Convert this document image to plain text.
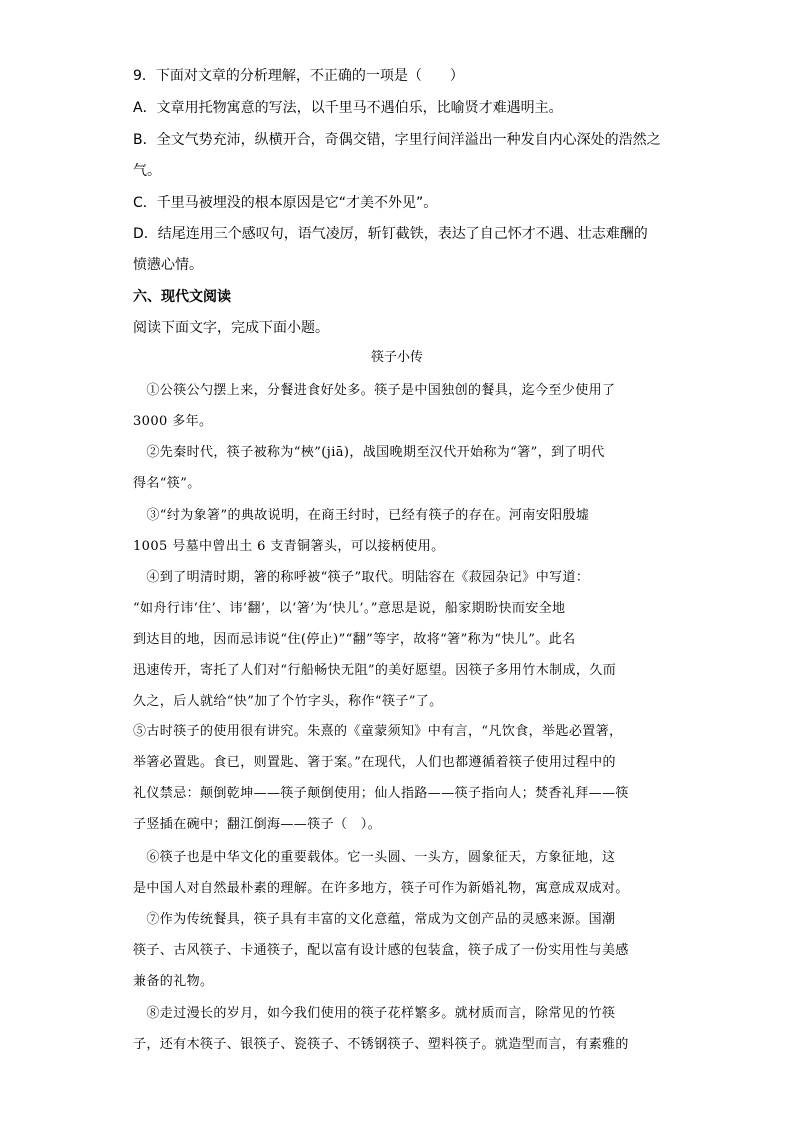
9．下面对文章的分析理解，不正确的一项是（　　）
A．文章用托物寓意的写法，以千里马不遇伯乐，比喻贤才难遇明主。
B．全文气势充沛，纵横开合，奇偶交错，字里行间洋溢出一种发自内心深处的浩然之
气。
C．千里马被埋没的根本原因是它“才美不外见”。
D．结尾连用三个感叹句，语气凌厉，斩钉截铁，表达了自己怀才不遇、壮志难酬的
愤懑心情。
六、现代文阅读
阅读下面文字，完成下面小题。
筷子小传
　①公筷公勺摆上来，分餐进食好处多。筷子是中国独创的餐具，迄今至少使用了
3000 多年。
　②先秦时代，筷子被称为“梜”(jiā)，战国晚期至汉代开始称为“箸”，到了明代
得名“筷”。
　③“纣为象箸”的典故说明，在商王纣时，已经有筷子的存在。河南安阳殷墟
1005 号墓中曾出土 6 支青铜箸头，可以接柄使用。
　④到了明清时期，箸的称呼被“筷子”取代。明陆容在《菽园杂记》中写道：
“如舟行讳‘住’、讳‘翻’，以‘箸’为‘快儿’。”意思是说，船家期盼快而安全地
到达目的地，因而忌讳说“住(停止)”“翻”等字，故将“箸”称为“快儿”。此名
迅速传开，寄托了人们对“行船畅快无阻”的美好愿望。因筷子多用竹木制成，久而
久之，后人就给“快”加了个竹字头，称作“筷子”了。
⑤古时筷子的使用很有讲究。朱熹的《童蒙须知》中有言，“凡饮食，举匙必置箸，
举箸必置匙。食已，则置匙、箸于案。”在现代，人们也都遵循着筷子使用过程中的
礼仪禁忌：颠倒乾坤——筷子颠倒使用；仙人指路——筷子指向人；焚香礼拜——筷
子竖插在碗中；翻江倒海——筷子（　）。
　⑥筷子也是中华文化的重要载体。它一头圆、一头方，圆象征天，方象征地，这
是中国人对自然最朴素的理解。在许多地方，筷子可作为新婚礼物，寓意成双成对。
　⑦作为传统餐具，筷子具有丰富的文化意蕴，常成为文创产品的灵感来源。国潮
筷子、古风筷子、卡通筷子，配以富有设计感的包装盒，筷子成了一份实用性与美感
兼备的礼物。
　⑧走过漫长的岁月，如今我们使用的筷子花样繁多。就材质而言，除常见的竹筷
子，还有木筷子、银筷子、瓷筷子、不锈钢筷子、塑料筷子。就造型而言，有素雅的
